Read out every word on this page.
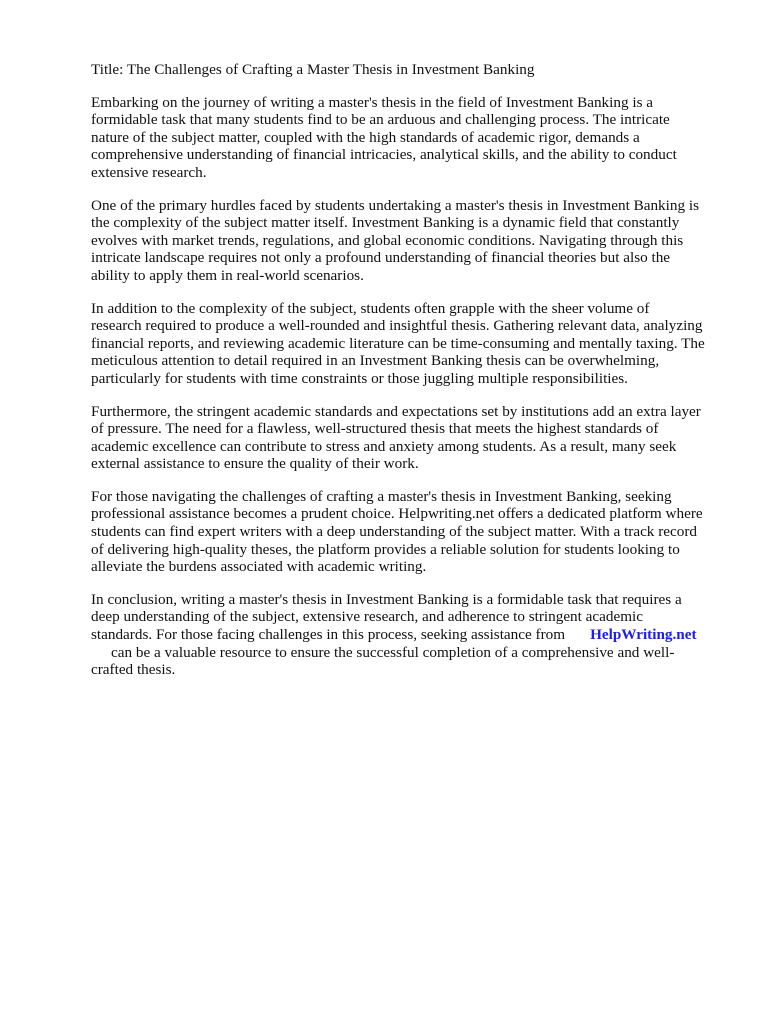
Title: The Challenges of Crafting a Master Thesis in Investment Banking

Embarking on the journey of writing a master's thesis in the field of Investment Banking is a
formidable task that many students find to be an arduous and challenging process. The intricate
nature of the subject matter, coupled with the high standards of academic rigor, demands a
comprehensive understanding of financial intricacies, analytical skills, and the ability to conduct
extensive research.

One of the primary hurdles faced by students undertaking a master's thesis in Investment Banking is
the complexity of the subject matter itself. Investment Banking is a dynamic field that constantly
evolves with market trends, regulations, and global economic conditions. Navigating through this
intricate landscape requires not only a profound understanding of financial theories but also the
ability to apply them in real-world scenarios.

In addition to the complexity of the subject, students often grapple with the sheer volume of
research required to produce a well-rounded and insightful thesis. Gathering relevant data, analyzing
financial reports, and reviewing academic literature can be time-consuming and mentally taxing. The
meticulous attention to detail required in an Investment Banking thesis can be overwhelming,
particularly for students with time constraints or those juggling multiple responsibilities.

Furthermore, the stringent academic standards and expectations set by institutions add an extra layer
of pressure. The need for a flawless, well-structured thesis that meets the highest standards of
academic excellence can contribute to stress and anxiety among students. As a result, many seek
external assistance to ensure the quality of their work.

For those navigating the challenges of crafting a master's thesis in Investment Banking, seeking
professional assistance becomes a prudent choice. Helpwriting.net offers a dedicated platform where
students can find expert writers with a deep understanding of the subject matter. With a track record
of delivering high-quality theses, the platform provides a reliable solution for students looking to
alleviate the burdens associated with academic writing.

In conclusion, writing a master's thesis in Investment Banking is a formidable task that requires a
deep understanding of the subject, extensive research, and adherence to stringent academic
standards. For those facing challenges in this process, seeking assistance from HelpWriting.net
can be a valuable resource to ensure the successful completion of a comprehensive and well-
crafted thesis.
